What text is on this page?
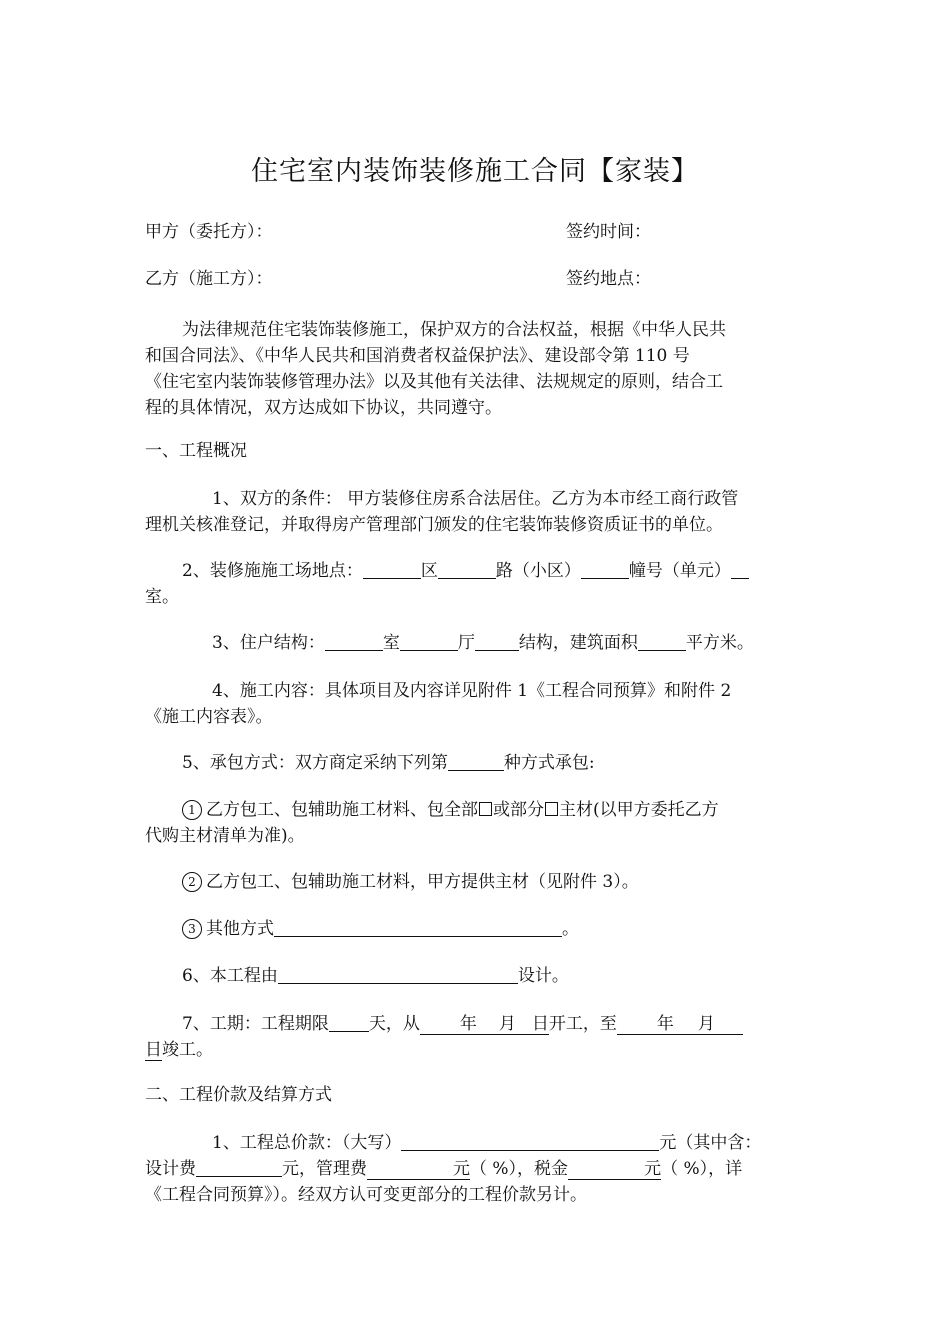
住宅室内装饰装修施工合同【家装】
甲方（委托方）：	签约时间：
乙方（施工方）：	签约地点：
为法律规范住宅装饰装修施工，保护双方的合法权益，根据《中华人民共
和国合同法》、《中华人民共和国消费者权益保护法》、建设部令第 110 号
《住宅室内装饰装修管理办法》以及其他有关法律、法规规定的原则，结合工
程的具体情况，双方达成如下协议，共同遵守。
一、工程概况
1、双方的条件： 甲方装修住房系合法居住。乙方为本市经工商行政管
理机关核准登记，并取得房产管理部门颁发的住宅装饰装修资质证书的单位。
2、装修施施工场地点：	区	路（小区）	幢号（单元）
室。
3、住户结构：	室	厅	结构，建筑面积	平方米。
4、施工内容：具体项目及内容详见附件 1《工程合同预算》和附件 2
《施工内容表》。
5、承包方式：双方商定采纳下列第	种方式承包:
1 乙方包工、包辅助施工材料、包全部 或部分 主材(以甲方委托乙方
代购主材清单为准)。
2 乙方包工、包辅助施工材料，甲方提供主材（见附件 3）。
3 其他方式	。
6、本工程由	设计。
7、工期：工程期限 天，从 年 月 日开工，至 年 月
日竣工。
二、工程价款及结算方式
1、工程总价款：（大写）	元（其中含：
设计费	元，管理费	元（ %），税金	元（ %），详
《工程合同预算》）。经双方认可变更部分的工程价款另计。
